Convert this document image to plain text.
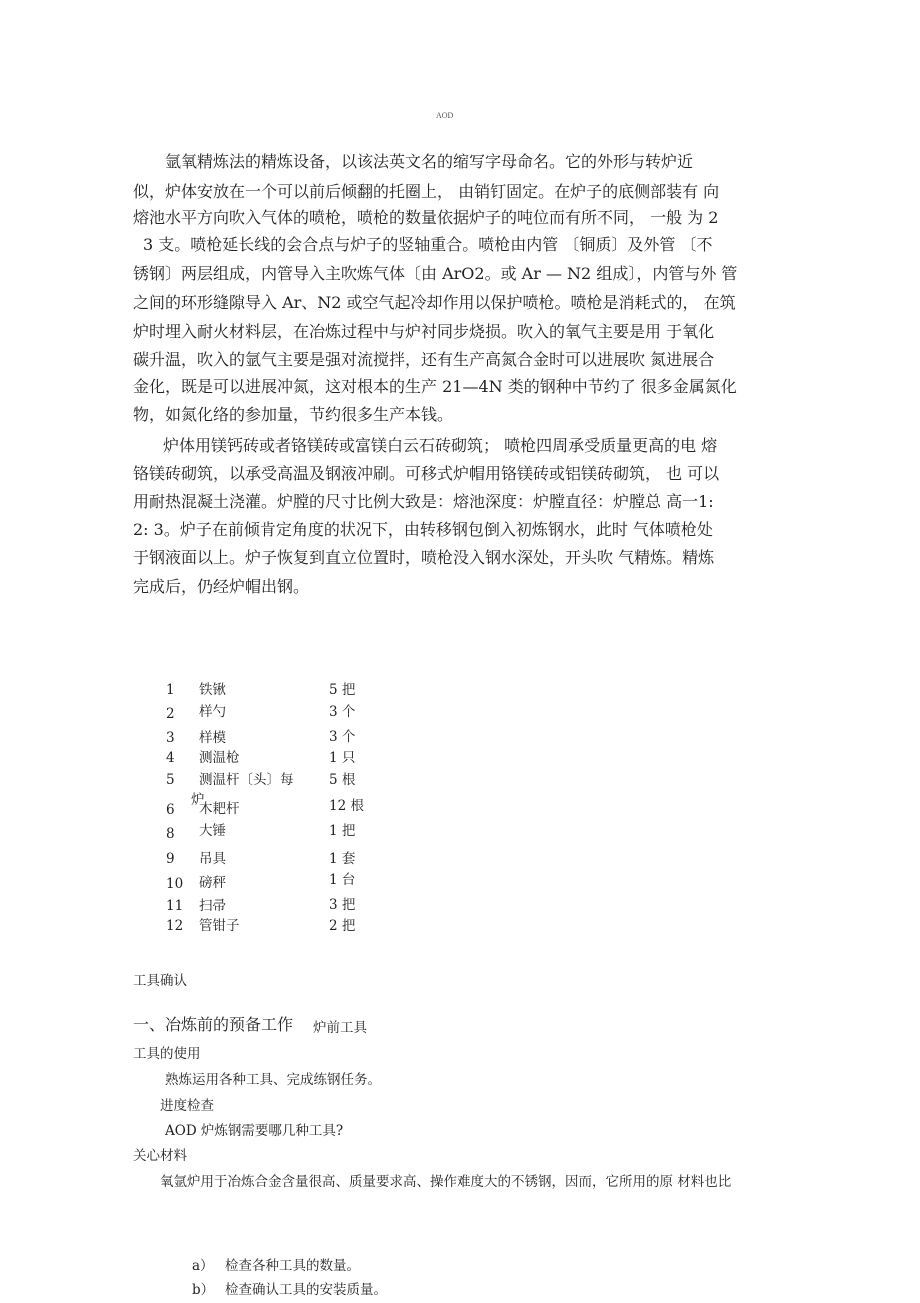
AOD
氩氧精炼法的精炼设备，以该法英文名的缩写字母命名。它的外形与转炉近
似，炉体安放在一个可以前后倾翻的托圈上， 由销钉固定。在炉子的底侧部装有 向
熔池水平方向吹入气体的喷枪，喷枪的数量依据炉子的吨位而有所不同， 一般 为 2
3 支。喷枪延长线的会合点与炉子的竖轴重合。喷枪由内管 〔铜质〕及外管 〔不
锈钢〕两层组成，内管导入主吹炼气体〔由 ArO2。或 Ar — N2 组成〕，内管与外 管
之间的环形缝隙导入 Ar、N2 或空气起冷却作用以保护喷枪。喷枪是消耗式的， 在筑
炉时埋入耐火材料层，在冶炼过程中与炉衬同步烧损。吹入的氧气主要是用 于氧化
碳升温，吹入的氩气主要是强对流搅拌，还有生产高氮合金时可以进展吹 氮进展合
金化，既是可以进展冲氮，这对根本的生产 21—4N 类的钢种中节约了 很多金属氮化
物，如氮化络的参加量，节约很多生产本钱。
炉体用镁钙砖或者铬镁砖或富镁白云石砖砌筑； 喷枪四周承受质量更高的电 熔
铬镁砖砌筑，以承受高温及钢液冲刷。可移式炉帽用铬镁砖或铝镁砖砌筑， 也 可以
用耐热混凝土浇灌。炉膛的尺寸比例大致是：熔池深度：炉膛直径：炉膛总 高一1:
2: 3。炉子在前倾肯定角度的状况下，由转移钢包倒入初炼钢水，此时 气体喷枪处
于钢液面以上。炉子恢复到直立位置时，喷枪没入钢水深处，开头吹 气精炼。精炼
完成后，仍经炉帽出钢。
1 铁锹	5 把
2 样勺	3 个
3 样模	3 个
4 测温枪	1 只
5 测温杆〔头〕每	5 根
炉
6 木耙杆	12 根
8 大锤	1 把
9 吊具	1 套
10 磅秤	1 台
11 扫帚	3 把
12 管钳子	2 把
工具确认
一、冶炼前的预备工作 炉前工具
工具的使用
熟炼运用各种工具、完成练钢任务。
进度检查
AOD 炉炼钢需要哪几种工具?
关心材料
氧氩炉用于冶炼合金含量很高、质量要求高、操作难度大的不锈钢，因而，它所用的原 材料也比
a） 检查各种工具的数量。
b） 检查确认工具的安装质量。
